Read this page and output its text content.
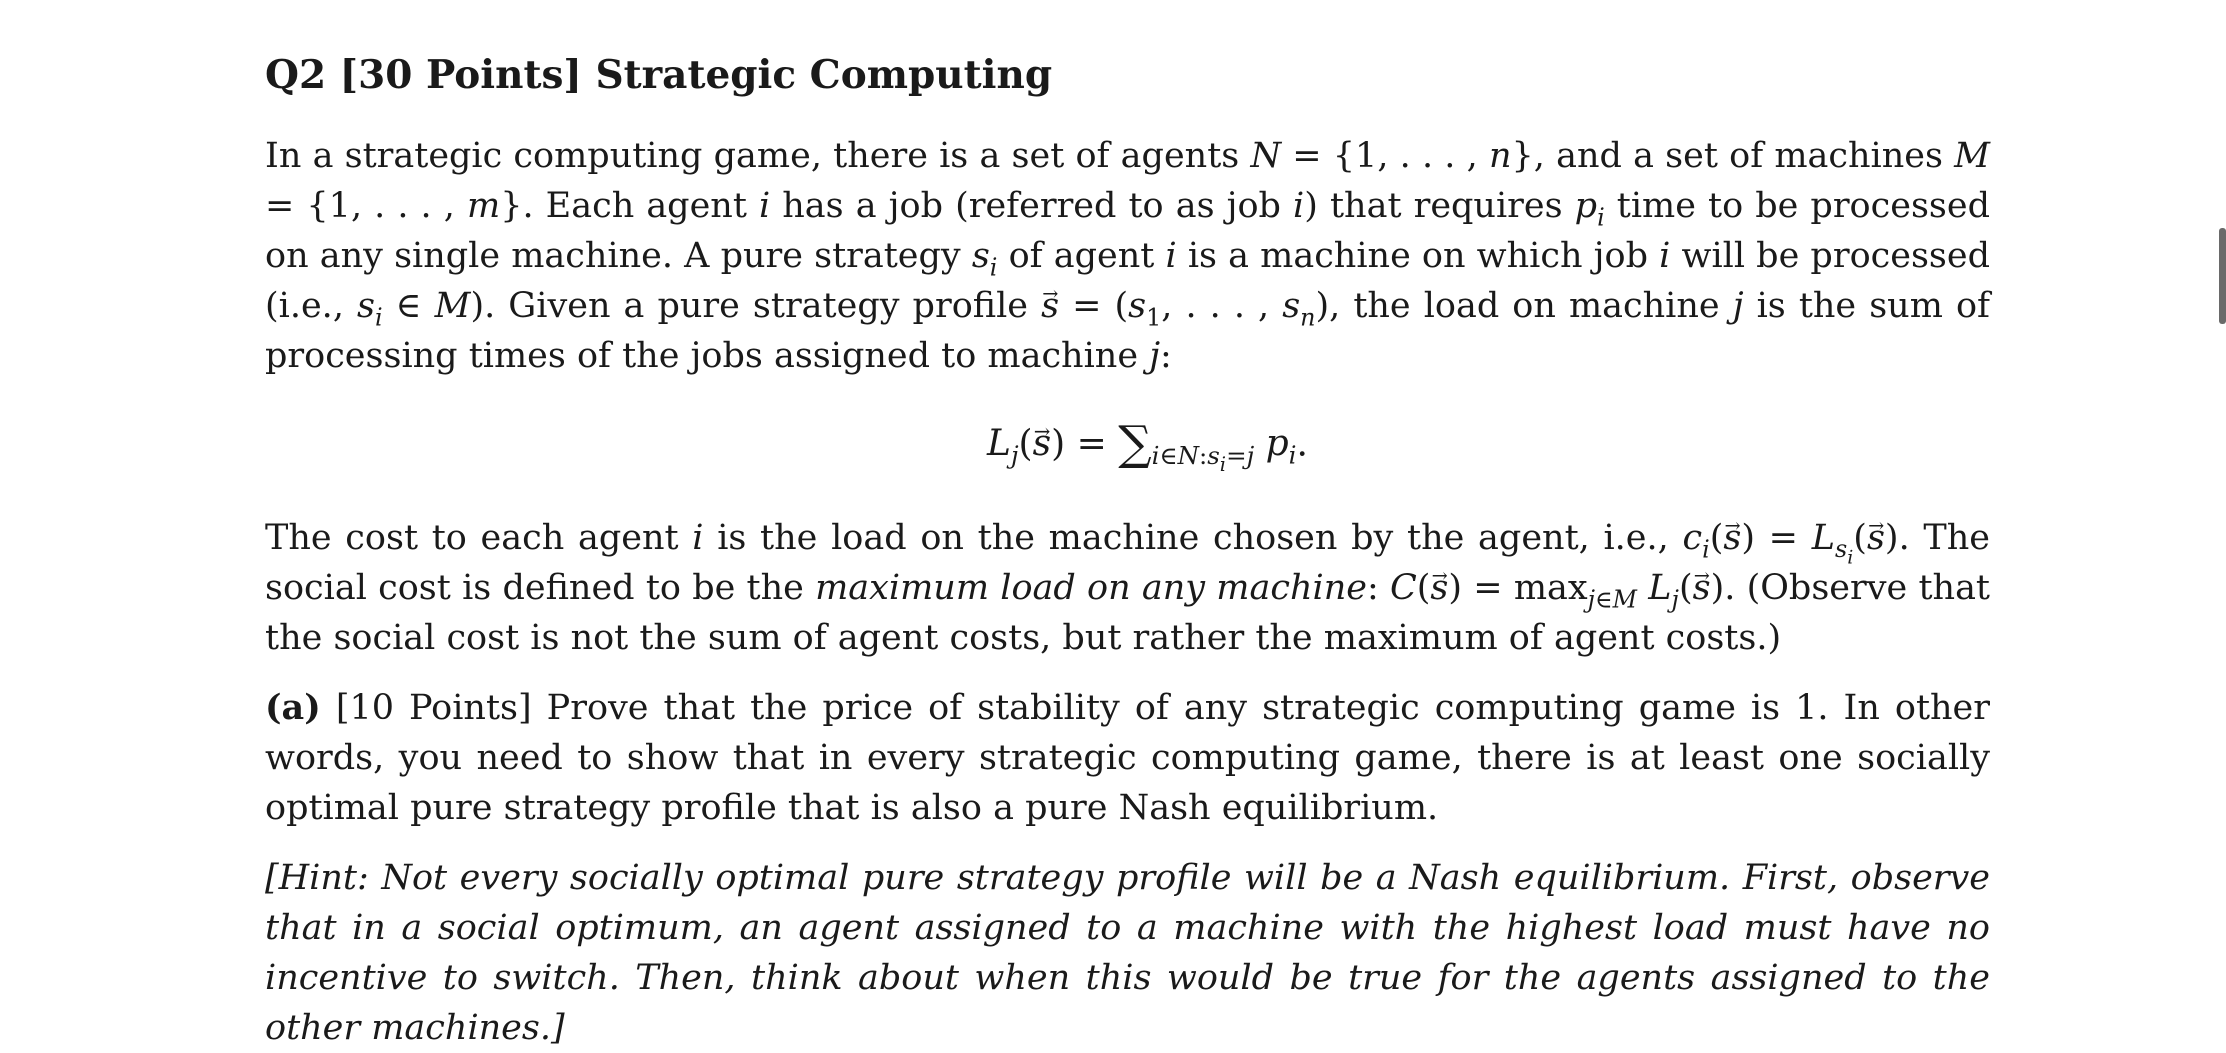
Q2 [30 Points] Strategic Computing

In a strategic computing game, there is a set of agents N = {1, . . . , n}, and a set of machines M = {1, . . . , m}. Each agent i has a job (referred to as job i) that requires $p_i$ time to be processed on any single machine. A pure strategy $s_i$ of agent i is a machine on which job i will be processed (i.e., $s_i$ ∈ M). Given a pure strategy profile → $s = (s_1$, . . . , $s_n$), the load on machine j is the sum of processing times of the jobs assigned to machine j:

$L_j(\to s) = \sum_{i\in N:s_i=j}$ $p_i$.

The cost to each agent i is the load on the machine chosen by the agent, i.e., $c_i(\to s) = L_{s_i}(\to s)$. The social cost is defined to be the maximum load on any machine: $C(\to s) = \max_{j\in M} L_j(\to s)$. (Observe that the social cost is not the sum of agent costs, but rather the maximum of agent costs.)

(a) [10 Points] Prove that the price of stability of any strategic computing game is 1. In other words, you need to show that in every strategic computing game, there is at least one socially optimal pure strategy profile that is also a pure Nash equilibrium.

[Hint: Not every socially optimal pure strategy profile will be a Nash equilibrium. First, observe that in a social optimum, an agent assigned to a machine with the highest load must have no incentive to switch. Then, think about when this would be true for the agents assigned to the other machines.]
